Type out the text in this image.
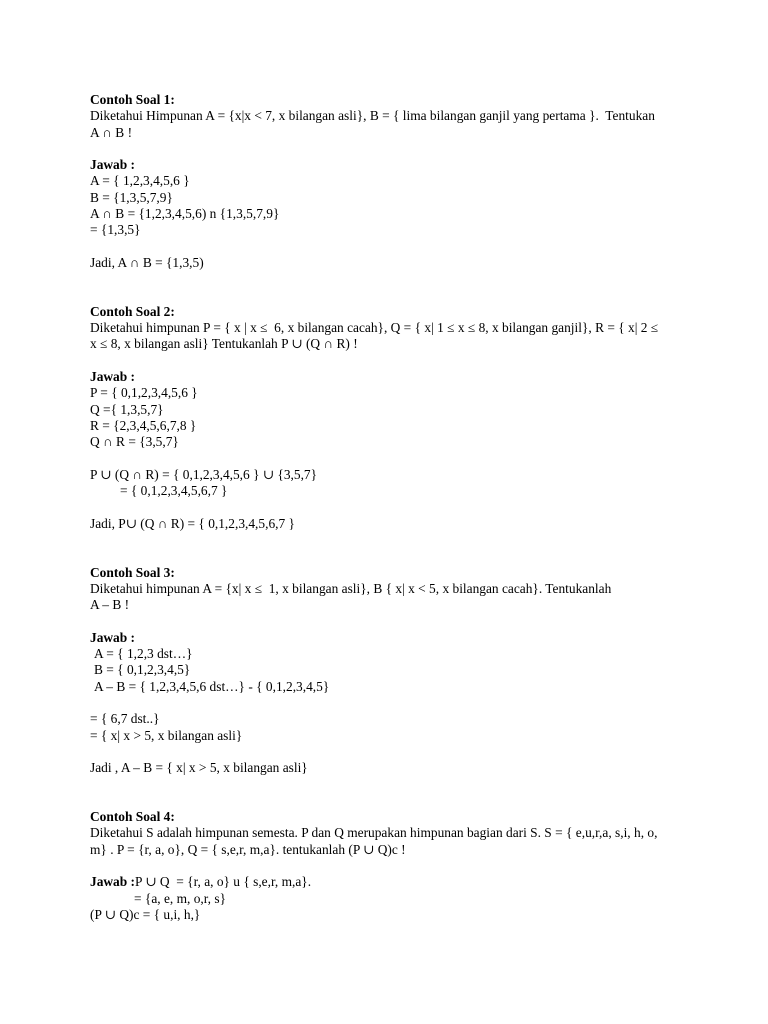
Contoh Soal 1:
Diketahui Himpunan A = {x|x < 7, x bilangan asli}, B = { lima bilangan ganjil yang pertama }.  Tentukan
A ∩ B !
Jawab :
A = { 1,2,3,4,5,6 }
B = {1,3,5,7,9}
A ∩ B = {1,2,3,4,5,6) n {1,3,5,7,9}
= {1,3,5}
Jadi, A ∩ B = {1,3,5)
Contoh Soal 2:
Diketahui himpunan P = { x | x ≤  6, x bilangan cacah}, Q = { x| 1 ≤ x ≤ 8, x bilangan ganjil}, R = { x| 2 ≤
x ≤ 8, x bilangan asli} Tentukanlah P ∪ (Q ∩ R) !
Jawab :
P = { 0,1,2,3,4,5,6 }
Q ={ 1,3,5,7}
R = {2,3,4,5,6,7,8 }
Q ∩ R = {3,5,7}
P ∪ (Q ∩ R) = { 0,1,2,3,4,5,6 } ∪ {3,5,7}
= { 0,1,2,3,4,5,6,7 }
Jadi, P∪ (Q ∩ R) = { 0,1,2,3,4,5,6,7 }
Contoh Soal 3:
Diketahui himpunan A = {x| x ≤  1, x bilangan asli}, B { x| x < 5, x bilangan cacah}. Tentukanlah
A – B !
Jawab :
A = { 1,2,3 dst…}
B = { 0,1,2,3,4,5}
A – B = { 1,2,3,4,5,6 dst…} - { 0,1,2,3,4,5}
= { 6,7 dst..}
= { x| x > 5, x bilangan asli}
Jadi , A – B = { x| x > 5, x bilangan asli}
Contoh Soal 4:
Diketahui S adalah himpunan semesta. P dan Q merupakan himpunan bagian dari S. S = { e,u,r,a, s,i, h, o,
m} . P = {r, a, o}, Q = { s,e,r, m,a}. tentukanlah (P ∪ Q)c !
Jawab :P ∪ Q  = {r, a, o} u { s,e,r, m,a}.
= {a, e, m, o,r, s}
(P ∪ Q)c = { u,i, h,}
